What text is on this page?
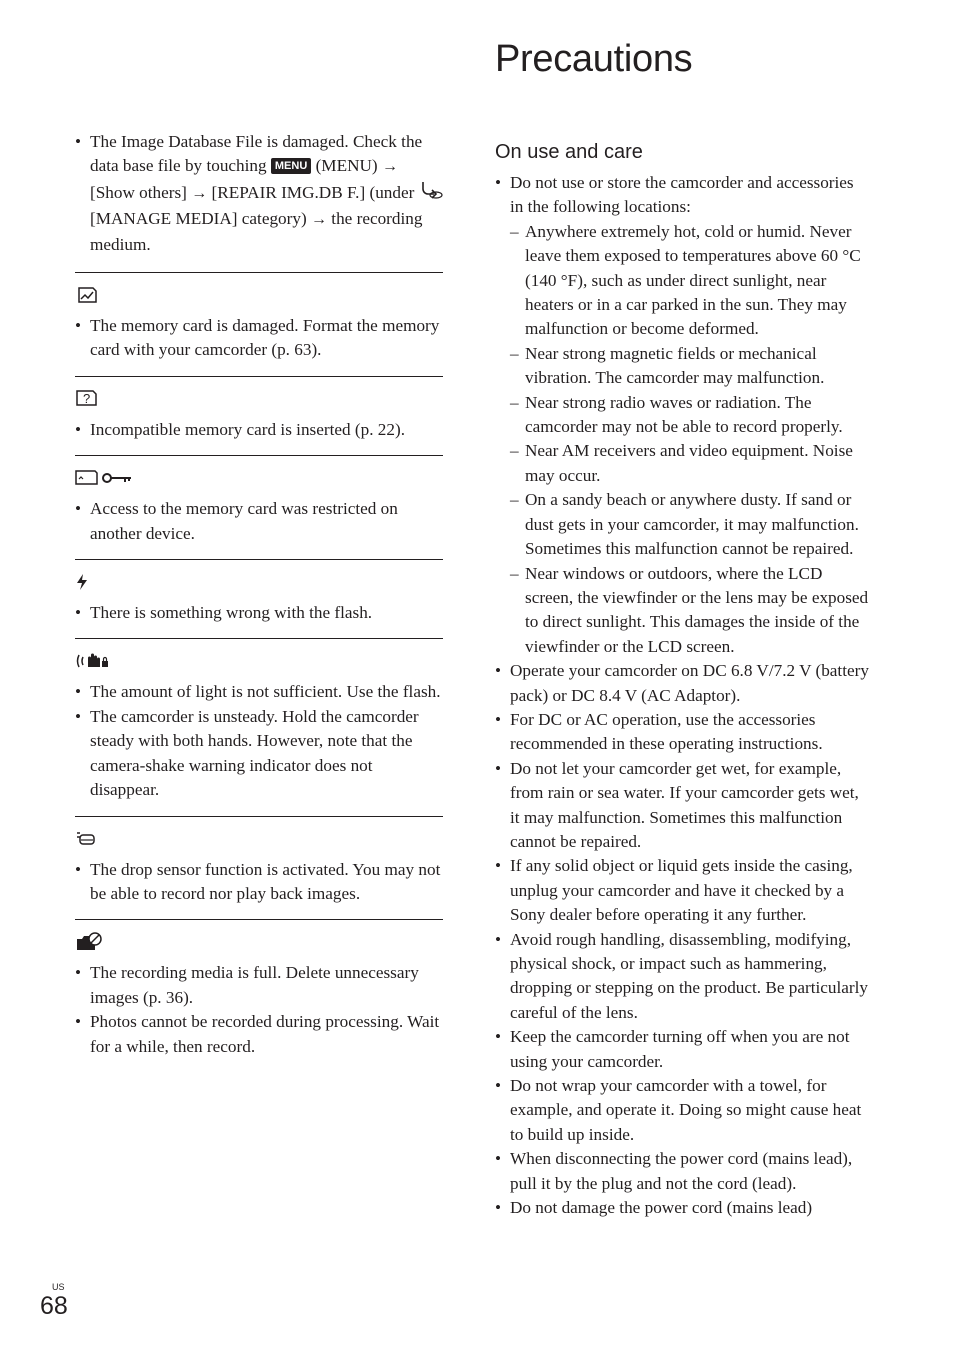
Precautions
• The Image Database File is damaged. Check the data base file by touching MENU (MENU) → [Show others] → [REPAIR IMG.DB F.] (under  [MANAGE MEDIA] category) → the recording medium.
• The memory card is damaged. Format the memory card with your camcorder (p. 63).
?
• Incompatible memory card is inserted (p. 22).
• Access to the memory card was restricted on another device.
• There is something wrong with the flash.
• The amount of light is not sufficient. Use the flash.
• The camcorder is unsteady. Hold the camcorder steady with both hands. However, note that the camera-shake warning indicator does not disappear.
• The drop sensor function is activated. You may not be able to record nor play back images.
• The recording media is full. Delete unnecessary images (p. 36).
• Photos cannot be recorded during processing. Wait for a while, then record.
On use and care
• Do not use or store the camcorder and accessories in the following locations:
– Anywhere extremely hot, cold or humid. Never leave them exposed to temperatures above 60 °C (140 °F), such as under direct sunlight, near heaters or in a car parked in the sun. They may malfunction or become deformed.
– Near strong magnetic fields or mechanical vibration. The camcorder may malfunction.
– Near strong radio waves or radiation. The camcorder may not be able to record properly.
– Near AM receivers and video equipment. Noise may occur.
– On a sandy beach or anywhere dusty. If sand or dust gets in your camcorder, it may malfunction. Sometimes this malfunction cannot be repaired.
– Near windows or outdoors, where the LCD screen, the viewfinder or the lens may be exposed to direct sunlight. This damages the inside of the viewfinder or the LCD screen.
• Operate your camcorder on DC 6.8 V/7.2 V (battery pack) or DC 8.4 V (AC Adaptor).
• For DC or AC operation, use the accessories recommended in these operating instructions.
• Do not let your camcorder get wet, for example, from rain or sea water. If your camcorder gets wet, it may malfunction. Sometimes this malfunction cannot be repaired.
• If any solid object or liquid gets inside the casing, unplug your camcorder and have it checked by a Sony dealer before operating it any further.
• Avoid rough handling, disassembling, modifying, physical shock, or impact such as hammering, dropping or stepping on the product. Be particularly careful of the lens.
• Keep the camcorder turning off when you are not using your camcorder.
• Do not wrap your camcorder with a towel, for example, and operate it. Doing so might cause heat to build up inside.
• When disconnecting the power cord (mains lead), pull it by the plug and not the cord (lead).
• Do not damage the power cord (mains lead)
US
68
